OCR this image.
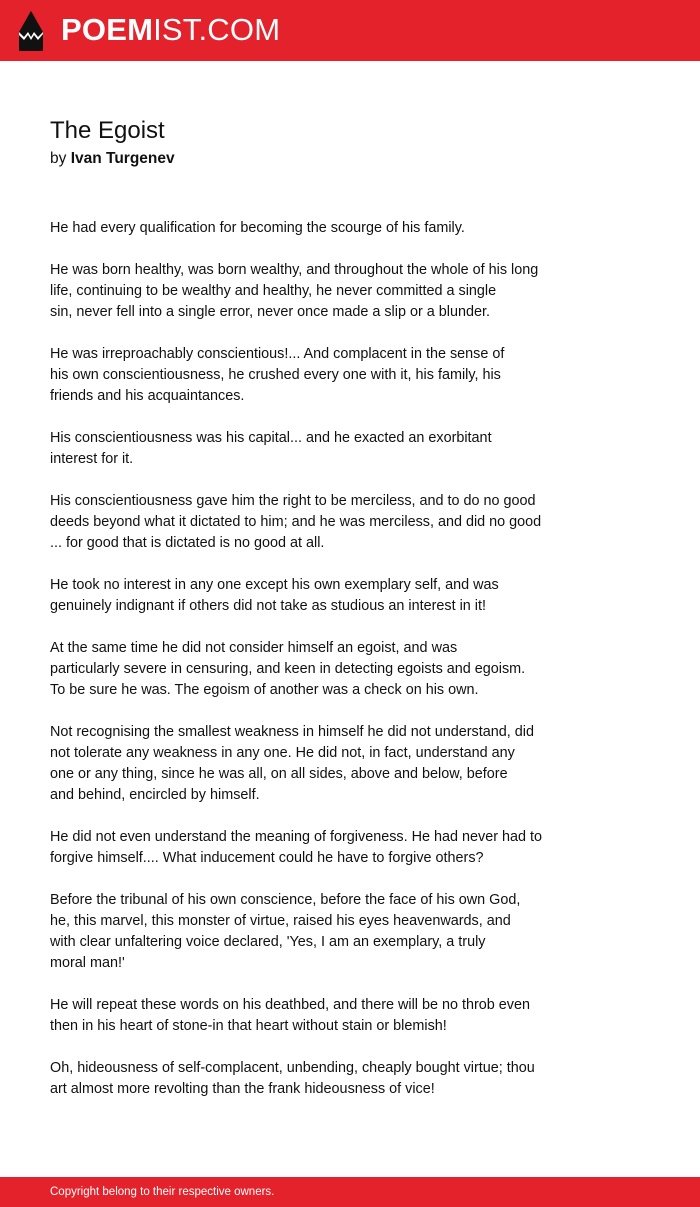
POEMIST.COM
The Egoist
by Ivan Turgenev
He had every qualification for becoming the scourge of his family.
He was born healthy, was born wealthy, and throughout the whole of his long
life, continuing to be wealthy and healthy, he never committed a single
sin, never fell into a single error, never once made a slip or a blunder.
He was irreproachably conscientious!... And complacent in the sense of
his own conscientiousness, he crushed every one with it, his family, his
friends and his acquaintances.
His conscientiousness was his capital... and he exacted an exorbitant
interest for it.
His conscientiousness gave him the right to be merciless, and to do no good
deeds beyond what it dictated to him; and he was merciless, and did no good
... for good that is dictated is no good at all.
He took no interest in any one except his own exemplary self, and was
genuinely indignant if others did not take as studious an interest in it!
At the same time he did not consider himself an egoist, and was
particularly severe in censuring, and keen in detecting egoists and egoism.
To be sure he was. The egoism of another was a check on his own.
Not recognising the smallest weakness in himself he did not understand, did
not tolerate any weakness in any one. He did not, in fact, understand any
one or any thing, since he was all, on all sides, above and below, before
and behind, encircled by himself.
He did not even understand the meaning of forgiveness. He had never had to
forgive himself.... What inducement could he have to forgive others?
Before the tribunal of his own conscience, before the face of his own God,
he, this marvel, this monster of virtue, raised his eyes heavenwards, and
with clear unfaltering voice declared, 'Yes, I am an exemplary, a truly
moral man!'
He will repeat these words on his deathbed, and there will be no throb even
then in his heart of stone-in that heart without stain or blemish!
Oh, hideousness of self-complacent, unbending, cheaply bought virtue; thou
art almost more revolting than the frank hideousness of vice!
Copyright belong to their respective owners.
